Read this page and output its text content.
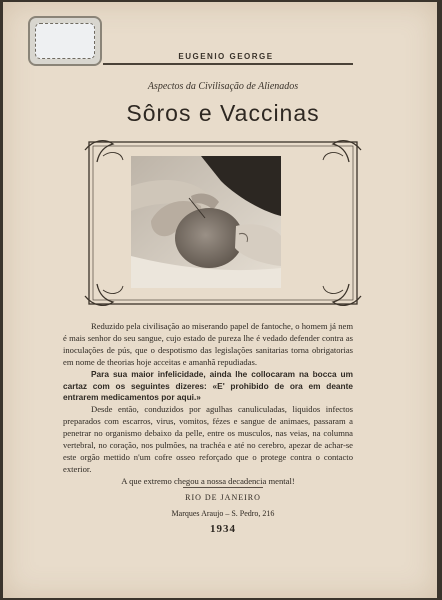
EUGENIO GEORGE
Aspectos da Civilisação de Alienados
Sôros e Vaccinas

Reduzido pela civilisação ao miserando papel de fantoche, o homem já nem é mais senhor do seu sangue, cujo estado de pureza lhe é vedado defender contra as inoculações de pús, que o despotismo das legislações sanitarias torna obrigatorias em nome de theorias hoje acceitas e amanhã repudiadas.

Para sua maior infelicidade, ainda lhe collocaram na bocca um cartaz com os seguintes dizeres: «E' prohibido de ora em deante entrarem medicamentos por aqui.»

Desde então, conduzidos por agulhas canuliculadas, liquidos infectos preparados com escarros, virus, vomitos, fézes e sangue de animaes, passaram a penetrar no organismo debaixo da pelle, entre os musculos, nas veias, na columna vertebral, no coração, nos pulmões, na trachéa e até no cerebro, apezar de achar-se este orgão mettido n'um cofre osseo reforçado que o protege contra o contacto exterior.

A que extremo chegou a nossa decadencia mental!

RIO DE JANEIRO
Marques Araujo – S. Pedro, 216
1934
